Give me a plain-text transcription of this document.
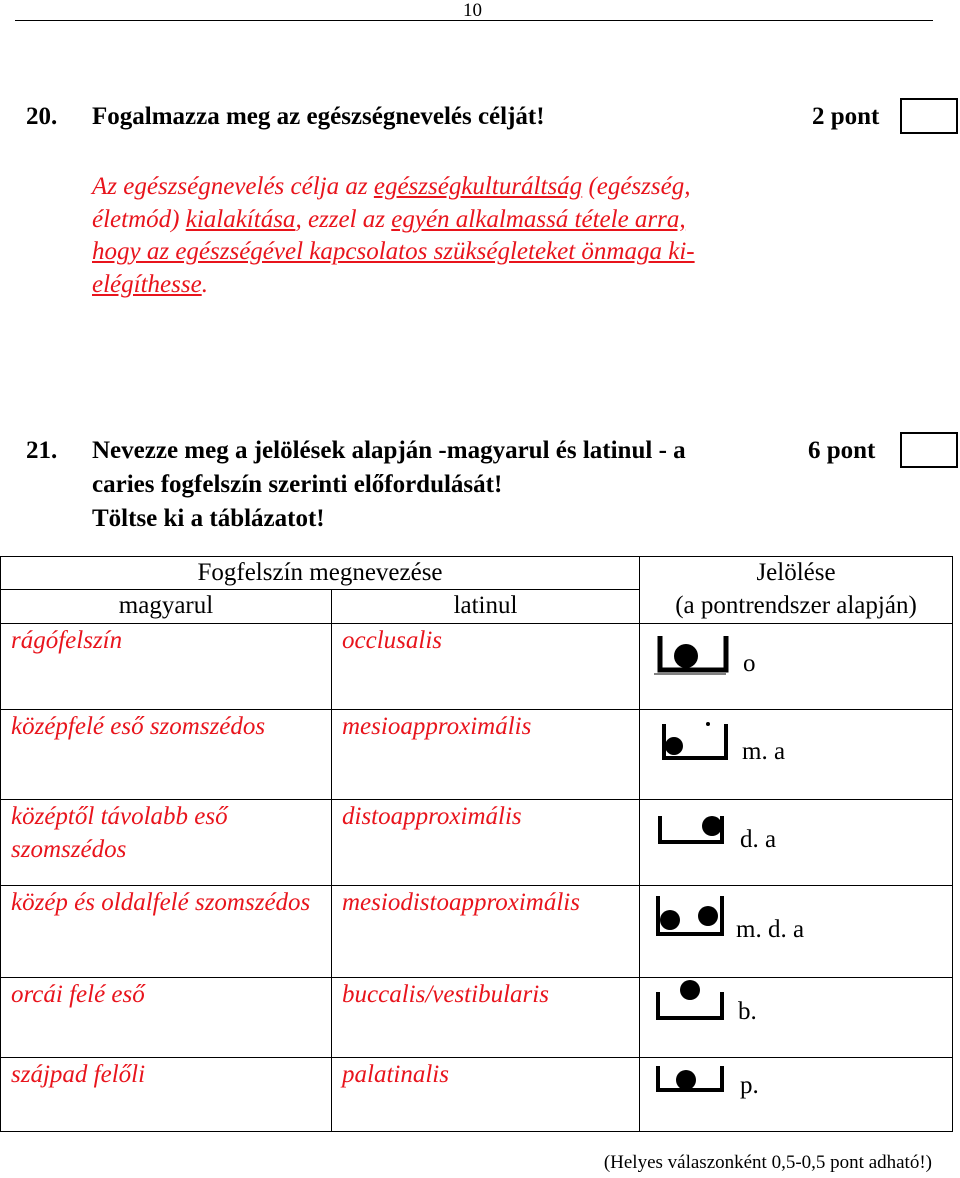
10
20. Fogalmazza meg az egészségnevelés célját!	2 pont
Az egészségnevelés célja az egészségkulturáltság (egészség,
életmód) kialakítása, ezzel az egyén alkalmassá tétele arra,
hogy az egészségével kapcsolatos szükségleteket önmaga ki-
elégíthesse.
21. Nevezze meg a jelölések alapján -magyarul és latinul - a
caries fogfelszín szerinti előfordulását!
Töltse ki a táblázatot!
6 pont
Fogfelszín megnevezése		Jelölése
magyarul	latinul	(a pontrendszer alapján)
rágófelszín	occlusalis	o

középfelé eső szomszédos	mesioapproximális	m. a

középtől távolabb eső szomszédos	distoapproximális	d. a

közép és oldalfelé szomszédos	mesiodistoapproximális	m. d. a

orcái felé eső	buccalis/vestibularis	b.

szájpad felőli	palatinalis	p.
(Helyes válaszonként 0,5-0,5 pont adható!)
